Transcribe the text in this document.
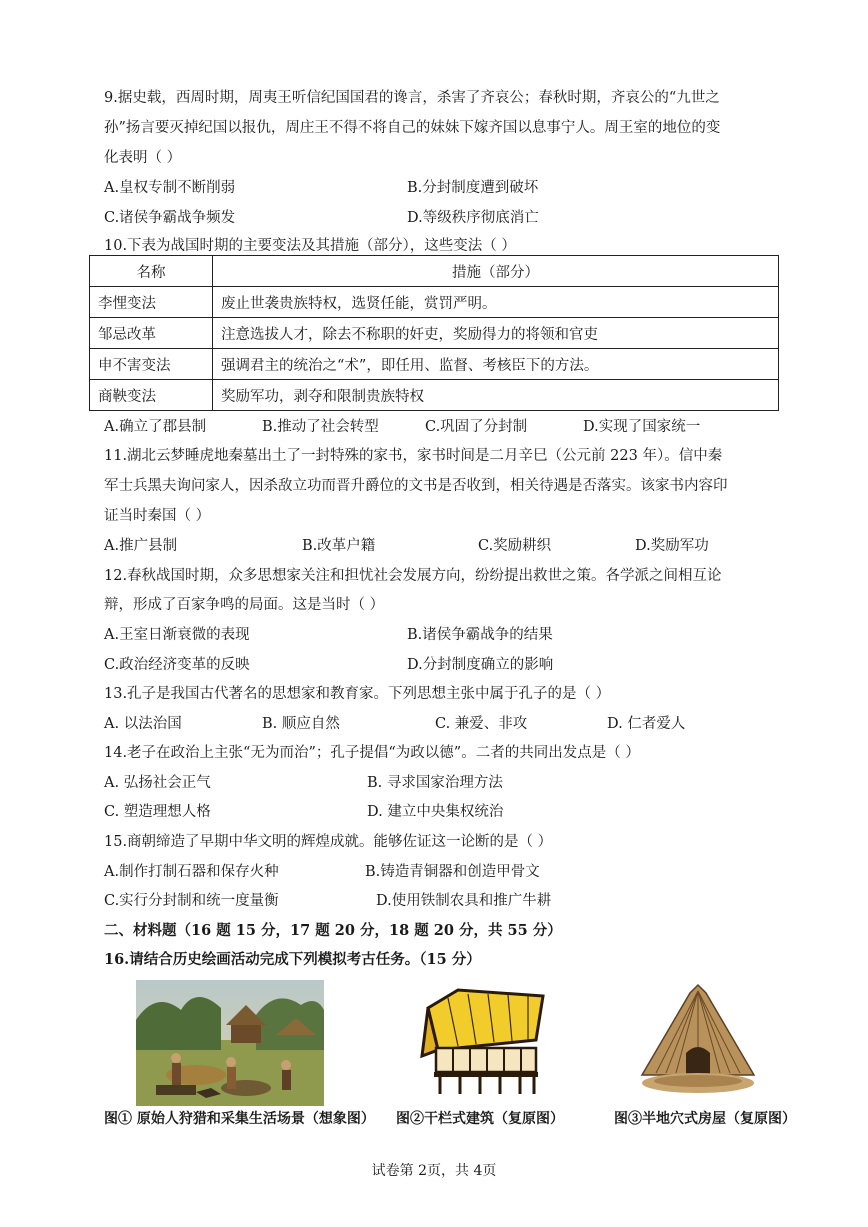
9.据史载，西周时期，周夷王听信纪国国君的谗言，杀害了齐哀公；春秋时期，齐哀公的“九世之
孙”扬言要灭掉纪国以报仇，周庄王不得不将自己的妹妹下嫁齐国以息事宁人。周王室的地位的变
化表明（ ）
A.皇权专制不断削弱	B.分封制度遭到破坏
C.诸侯争霸战争频发	D.等级秩序彻底消亡
10.下表为战国时期的主要变法及其措施（部分），这些变法（ ）
名称	措施（部分）
李悝变法	废止世袭贵族特权，选贤任能，赏罚严明。
邹忌改革	注意选拔人才，除去不称职的奸吏，奖励得力的将领和官吏
申不害变法	强调君主的统治之“术”，即任用、监督、考核臣下的方法。
商鞅变法	奖励军功，剥夺和限制贵族特权
A.确立了郡县制	B.推动了社会转型	C.巩固了分封制	D.实现了国家统一
11.湖北云梦睡虎地秦墓出土了一封特殊的家书，家书时间是二月辛巳（公元前 223 年）。信中秦
军士兵黑夫询问家人，因杀敌立功而晋升爵位的文书是否收到，相关待遇是否落实。该家书内容印
证当时秦国（ ）
A.推广县制	B.改革户籍	C.奖励耕织	D.奖励军功
12.春秋战国时期，众多思想家关注和担忧社会发展方向，纷纷提出救世之策。各学派之间相互论
辩，形成了百家争鸣的局面。这是当时（ ）
A.王室日渐衰微的表现	B.诸侯争霸战争的结果
C.政治经济变革的反映	D.分封制度确立的影响
13.孔子是我国古代著名的思想家和教育家。下列思想主张中属于孔子的是（ ）
A. 以法治国	B. 顺应自然	C. 兼爱、非攻	D. 仁者爱人
14.老子在政治上主张“无为而治”；孔子提倡“为政以德”。二者的共同出发点是（ ）
A. 弘扬社会正气	B. 寻求国家治理方法
C. 塑造理想人格	D. 建立中央集权统治
15.商朝缔造了早期中华文明的辉煌成就。能够佐证这一论断的是（ ）
A.制作打制石器和保存火种	B.铸造青铜器和创造甲骨文
C.实行分封制和统一度量衡	D.使用铁制农具和推广牛耕
二、材料题（16 题 15 分，17 题 20 分，18 题 20 分，共 55 分）
16.请结合历史绘画活动完成下列模拟考古任务。（15 分）
图① 原始人狩猎和采集生活场景（想象图） 图②干栏式建筑（复原图）	图③半地穴式房屋（复原图）
试卷第 2页，共 4页
